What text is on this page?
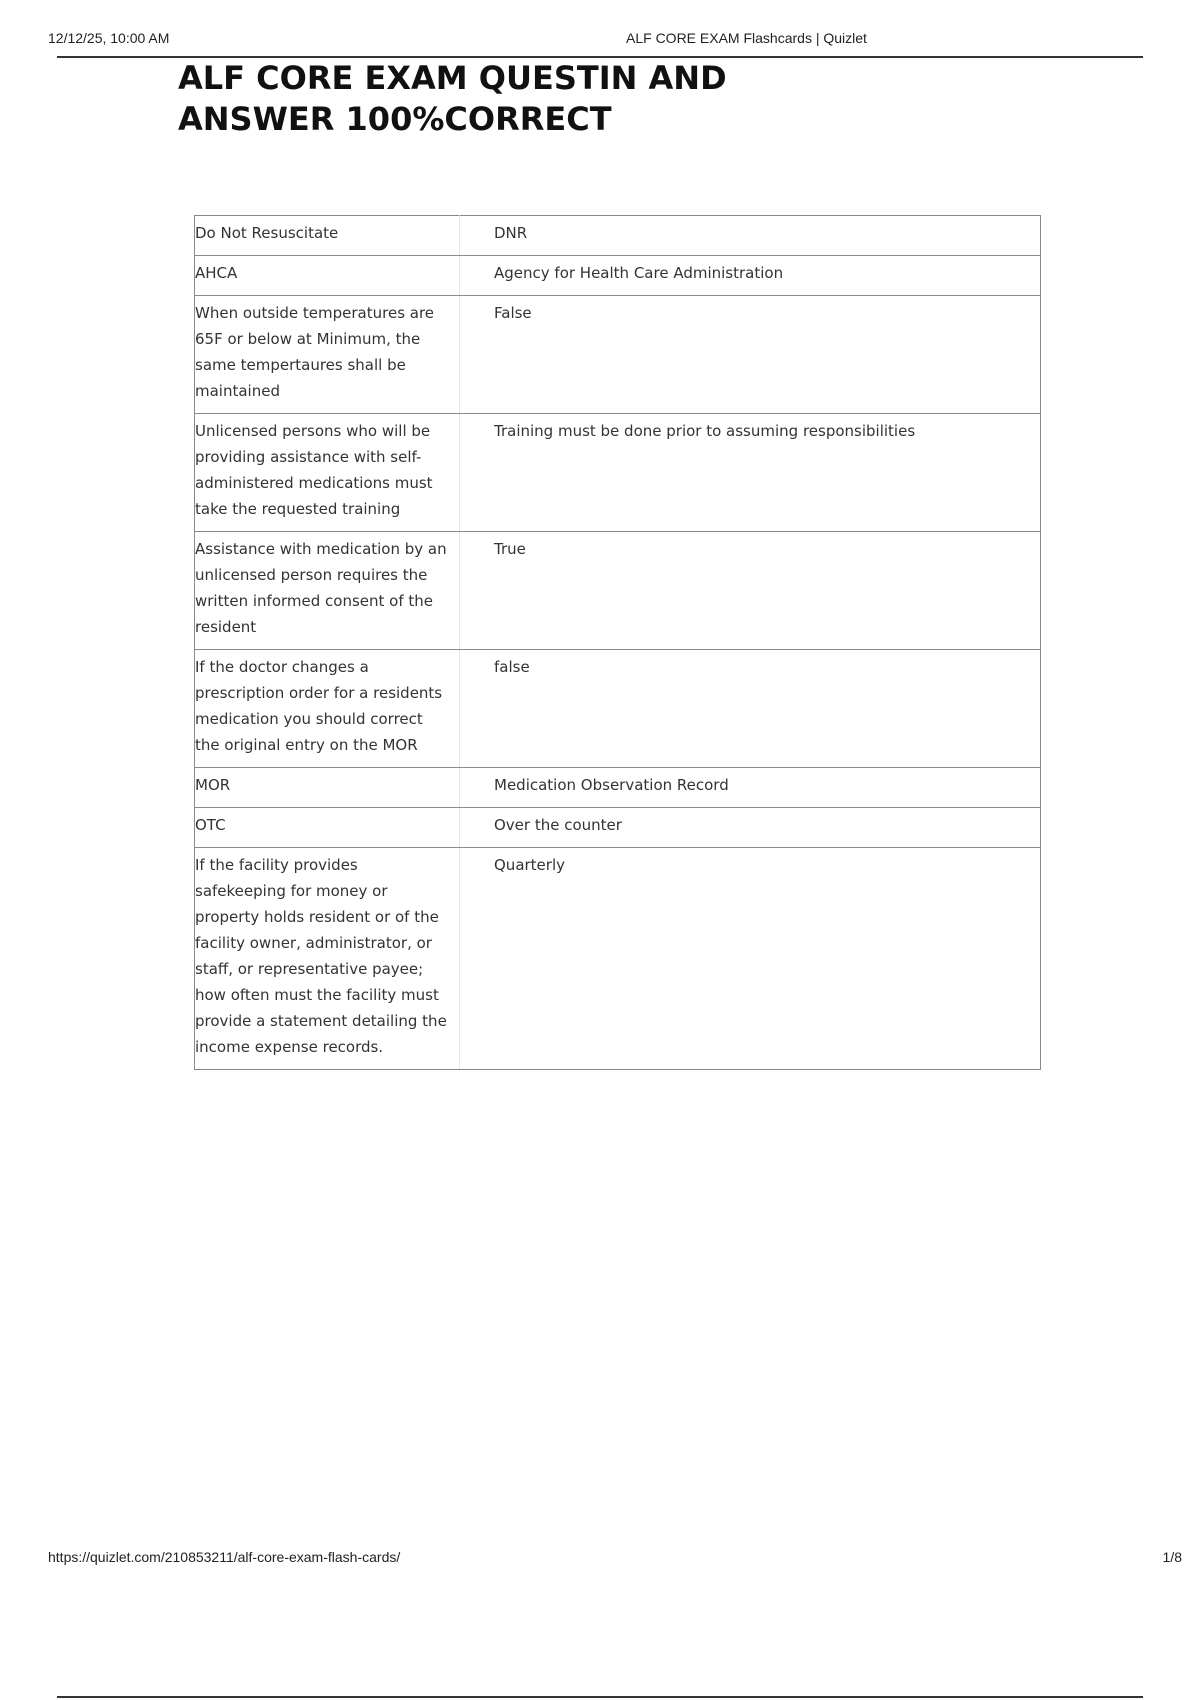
12/12/25, 10:00 AM	ALF CORE EXAM Flashcards | Quizlet
ALF CORE EXAM QUESTIN AND ANSWER 100%CORRECT
Do Not Resuscitate	DNR
AHCA	Agency for Health Care Administration
When outside temperatures are 65F or below at Minimum, the same tempertaures shall be maintained	False
Unlicensed persons who will be providing assistance with self-administered medications must take the requested training	Training must be done prior to assuming responsibilities
Assistance with medication by an unlicensed person requires the written informed consent of the resident	True
If the doctor changes a prescription order for a residents medication you should correct the original entry on the MOR	false
MOR	Medication Observation Record
OTC	Over the counter
If the facility provides safekeeping for money or property holds resident or of the facility owner, administrator, or staff, or representative payee; how often must the facility must provide a statement detailing the income expense records.	Quarterly
https://quizlet.com/210853211/alf-core-exam-flash-cards/	1/8
